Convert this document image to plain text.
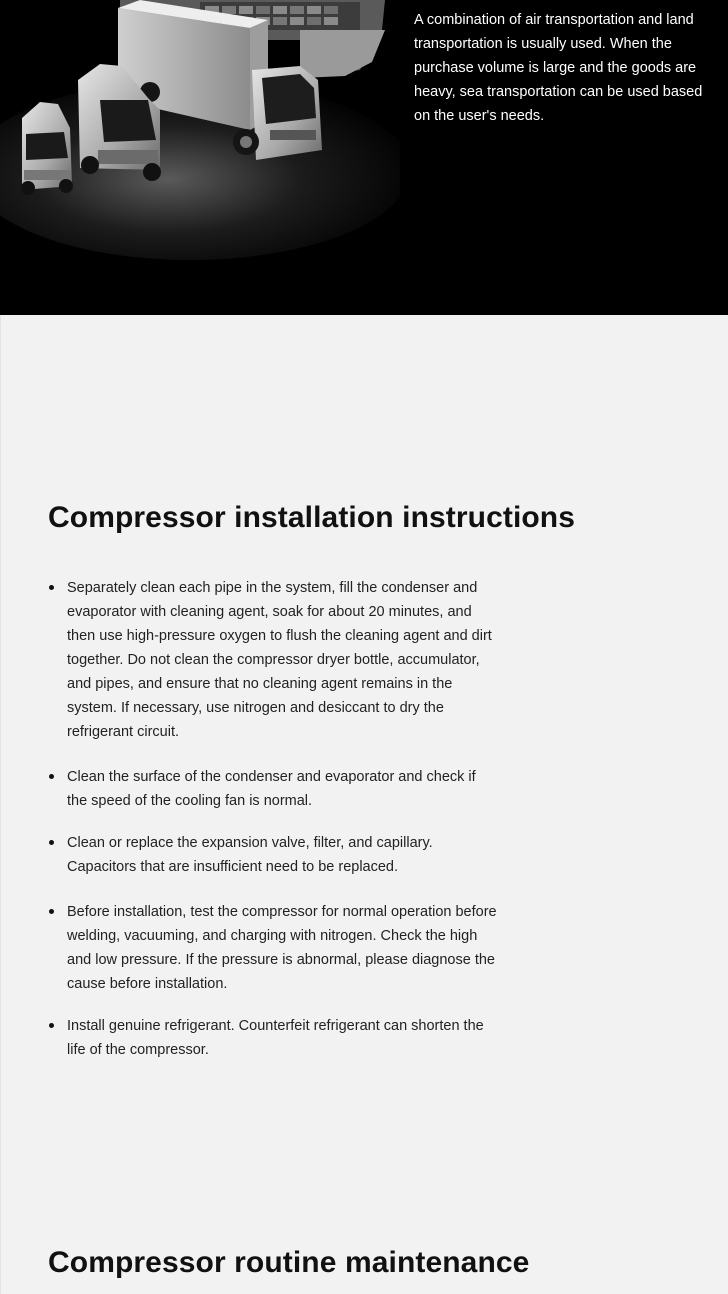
A combination of air transportation and land transportation is usually used. When the purchase volume is large and the goods are heavy, sea transportation can be used based on the user's needs.

Compressor installation instructions
Separately clean each pipe in the system, fill the condenser and evaporator with cleaning agent, soak for about 20 minutes, and then use high-pressure oxygen to flush the cleaning agent and dirt together. Do not clean the compressor dryer bottle, accumulator, and pipes, and ensure that no cleaning agent remains in the system. If necessary, use nitrogen and desiccant to dry the refrigerant circuit.
Clean the surface of the condenser and evaporator and check if the speed of the cooling fan is normal.
Clean or replace the expansion valve, filter, and capillary. Capacitors that are insufficient need to be replaced.
Before installation, test the compressor for normal operation before welding, vacuuming, and charging with nitrogen. Check the high and low pressure. If the pressure is abnormal, please diagnose the cause before installation.
Install genuine refrigerant. Counterfeit refrigerant can shorten the life of the compressor.
Compressor routine maintenance
